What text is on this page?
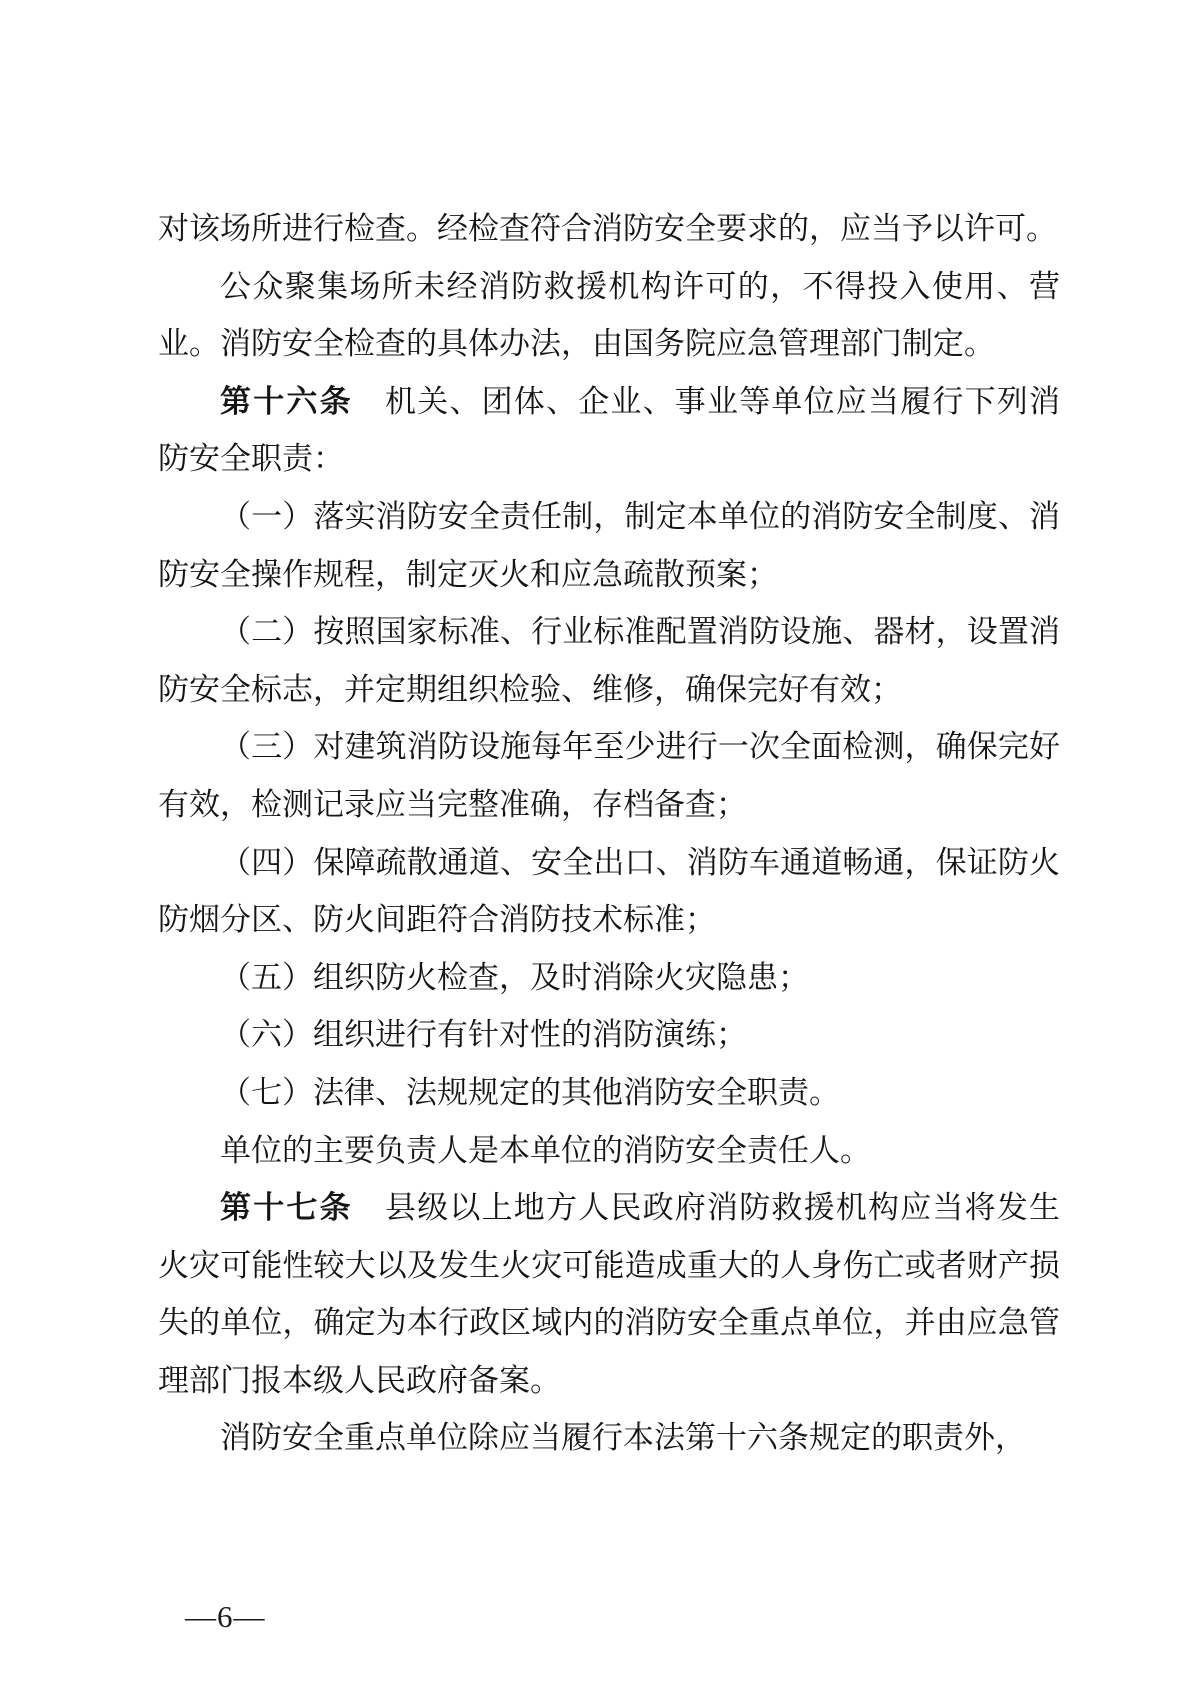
对该场所进行检查。经检查符合消防安全要求的，应当予以许可。

公众聚集场所未经消防救援机构许可的，不得投入使用、营业。消防安全检查的具体办法，由国务院应急管理部门制定。

第十六条　机关、团体、企业、事业等单位应当履行下列消防安全职责：

（一）落实消防安全责任制，制定本单位的消防安全制度、消防安全操作规程，制定灭火和应急疏散预案；

（二）按照国家标准、行业标准配置消防设施、器材，设置消防安全标志，并定期组织检验、维修，确保完好有效；

（三）对建筑消防设施每年至少进行一次全面检测，确保完好有效，检测记录应当完整准确，存档备查；

（四）保障疏散通道、安全出口、消防车通道畅通，保证防火防烟分区、防火间距符合消防技术标准；

（五）组织防火检查，及时消除火灾隐患；

（六）组织进行有针对性的消防演练；

（七）法律、法规规定的其他消防安全职责。

单位的主要负责人是本单位的消防安全责任人。

第十七条　县级以上地方人民政府消防救援机构应当将发生火灾可能性较大以及发生火灾可能造成重大的人身伤亡或者财产损失的单位，确定为本行政区域内的消防安全重点单位，并由应急管理部门报本级人民政府备案。

消防安全重点单位除应当履行本法第十六条规定的职责外，

—6—
